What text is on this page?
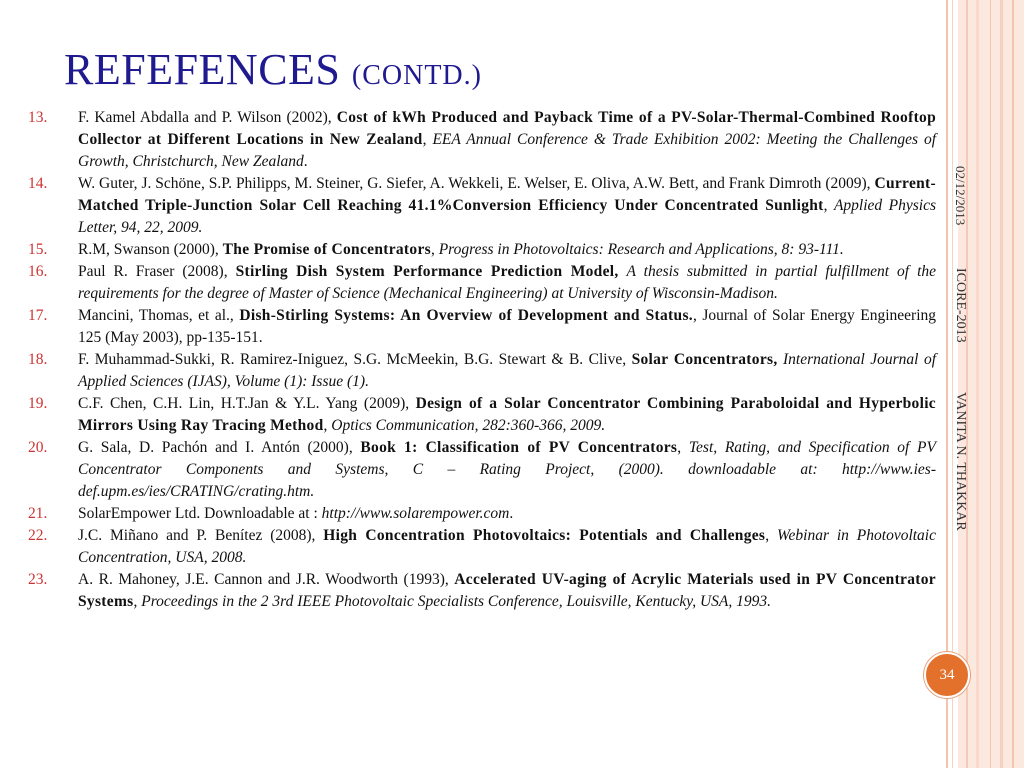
REFEFENCES (CONTD.)
13.	F. Kamel Abdalla and P. Wilson (2002), Cost of kWh Produced and Payback Time of a PV-Solar-Thermal-Combined Rooftop Collector at Different Locations in New Zealand, EEA Annual Conference & Trade Exhibition 2002: Meeting the Challenges of Growth, Christchurch, New Zealand.
14.	W. Guter, J. Schöne, S.P. Philipps, M. Steiner, G. Siefer, A. Wekkeli, E. Welser, E. Oliva, A.W. Bett, and Frank Dimroth (2009), Current-Matched Triple-Junction Solar Cell Reaching 41.1%Conversion Efficiency Under Concentrated Sunlight, Applied Physics Letter, 94, 22, 2009.
15.	R.M, Swanson (2000), The Promise of Concentrators, Progress in Photovoltaics: Research and Applications, 8: 93-111.
16.	Paul R. Fraser (2008), Stirling Dish System Performance Prediction Model, A thesis submitted in partial fulfillment of the requirements for the degree of Master of Science (Mechanical Engineering) at University of Wisconsin-Madison.
17.	Mancini, Thomas, et al., Dish-Stirling Systems: An Overview of Development and Status., Journal of Solar Energy Engineering 125 (May 2003), pp-135-151.
18.	F. Muhammad-Sukki, R. Ramirez-Iniguez, S.G. McMeekin, B.G. Stewart & B. Clive, Solar Concentrators, International Journal of Applied Sciences (IJAS), Volume (1): Issue (1).
19.	C.F. Chen, C.H. Lin, H.T.Jan & Y.L. Yang (2009), Design of a Solar Concentrator Combining Paraboloidal and Hyperbolic Mirrors Using Ray Tracing Method, Optics Communication, 282:360-366, 2009.
20.	G. Sala, D. Pachón and I. Antón (2000), Book 1: Classification of PV Concentrators, Test, Rating, and Specification of PV Concentrator Components and Systems, C – Rating Project, (2000). downloadable at: http://www.ies-def.upm.es/ies/CRATING/crating.htm.
21.	SolarEmpower Ltd. Downloadable at : http://www.solarempower.com.
22.	J.C. Miñano and P. Benítez (2008), High Concentration Photovoltaics: Potentials and Challenges, Webinar in Photovoltaic Concentration, USA, 2008.
23.	A. R. Mahoney, J.E. Cannon and J.R. Woodworth (1993), Accelerated UV-aging of Acrylic Materials used in PV Concentrator Systems, Proceedings in the 2 3rd IEEE Photovoltaic Specialists Conference, Louisville, Kentucky, USA, 1993.
02/12/2013
ICORE-2013
VANITA N. THAKKAR
34
